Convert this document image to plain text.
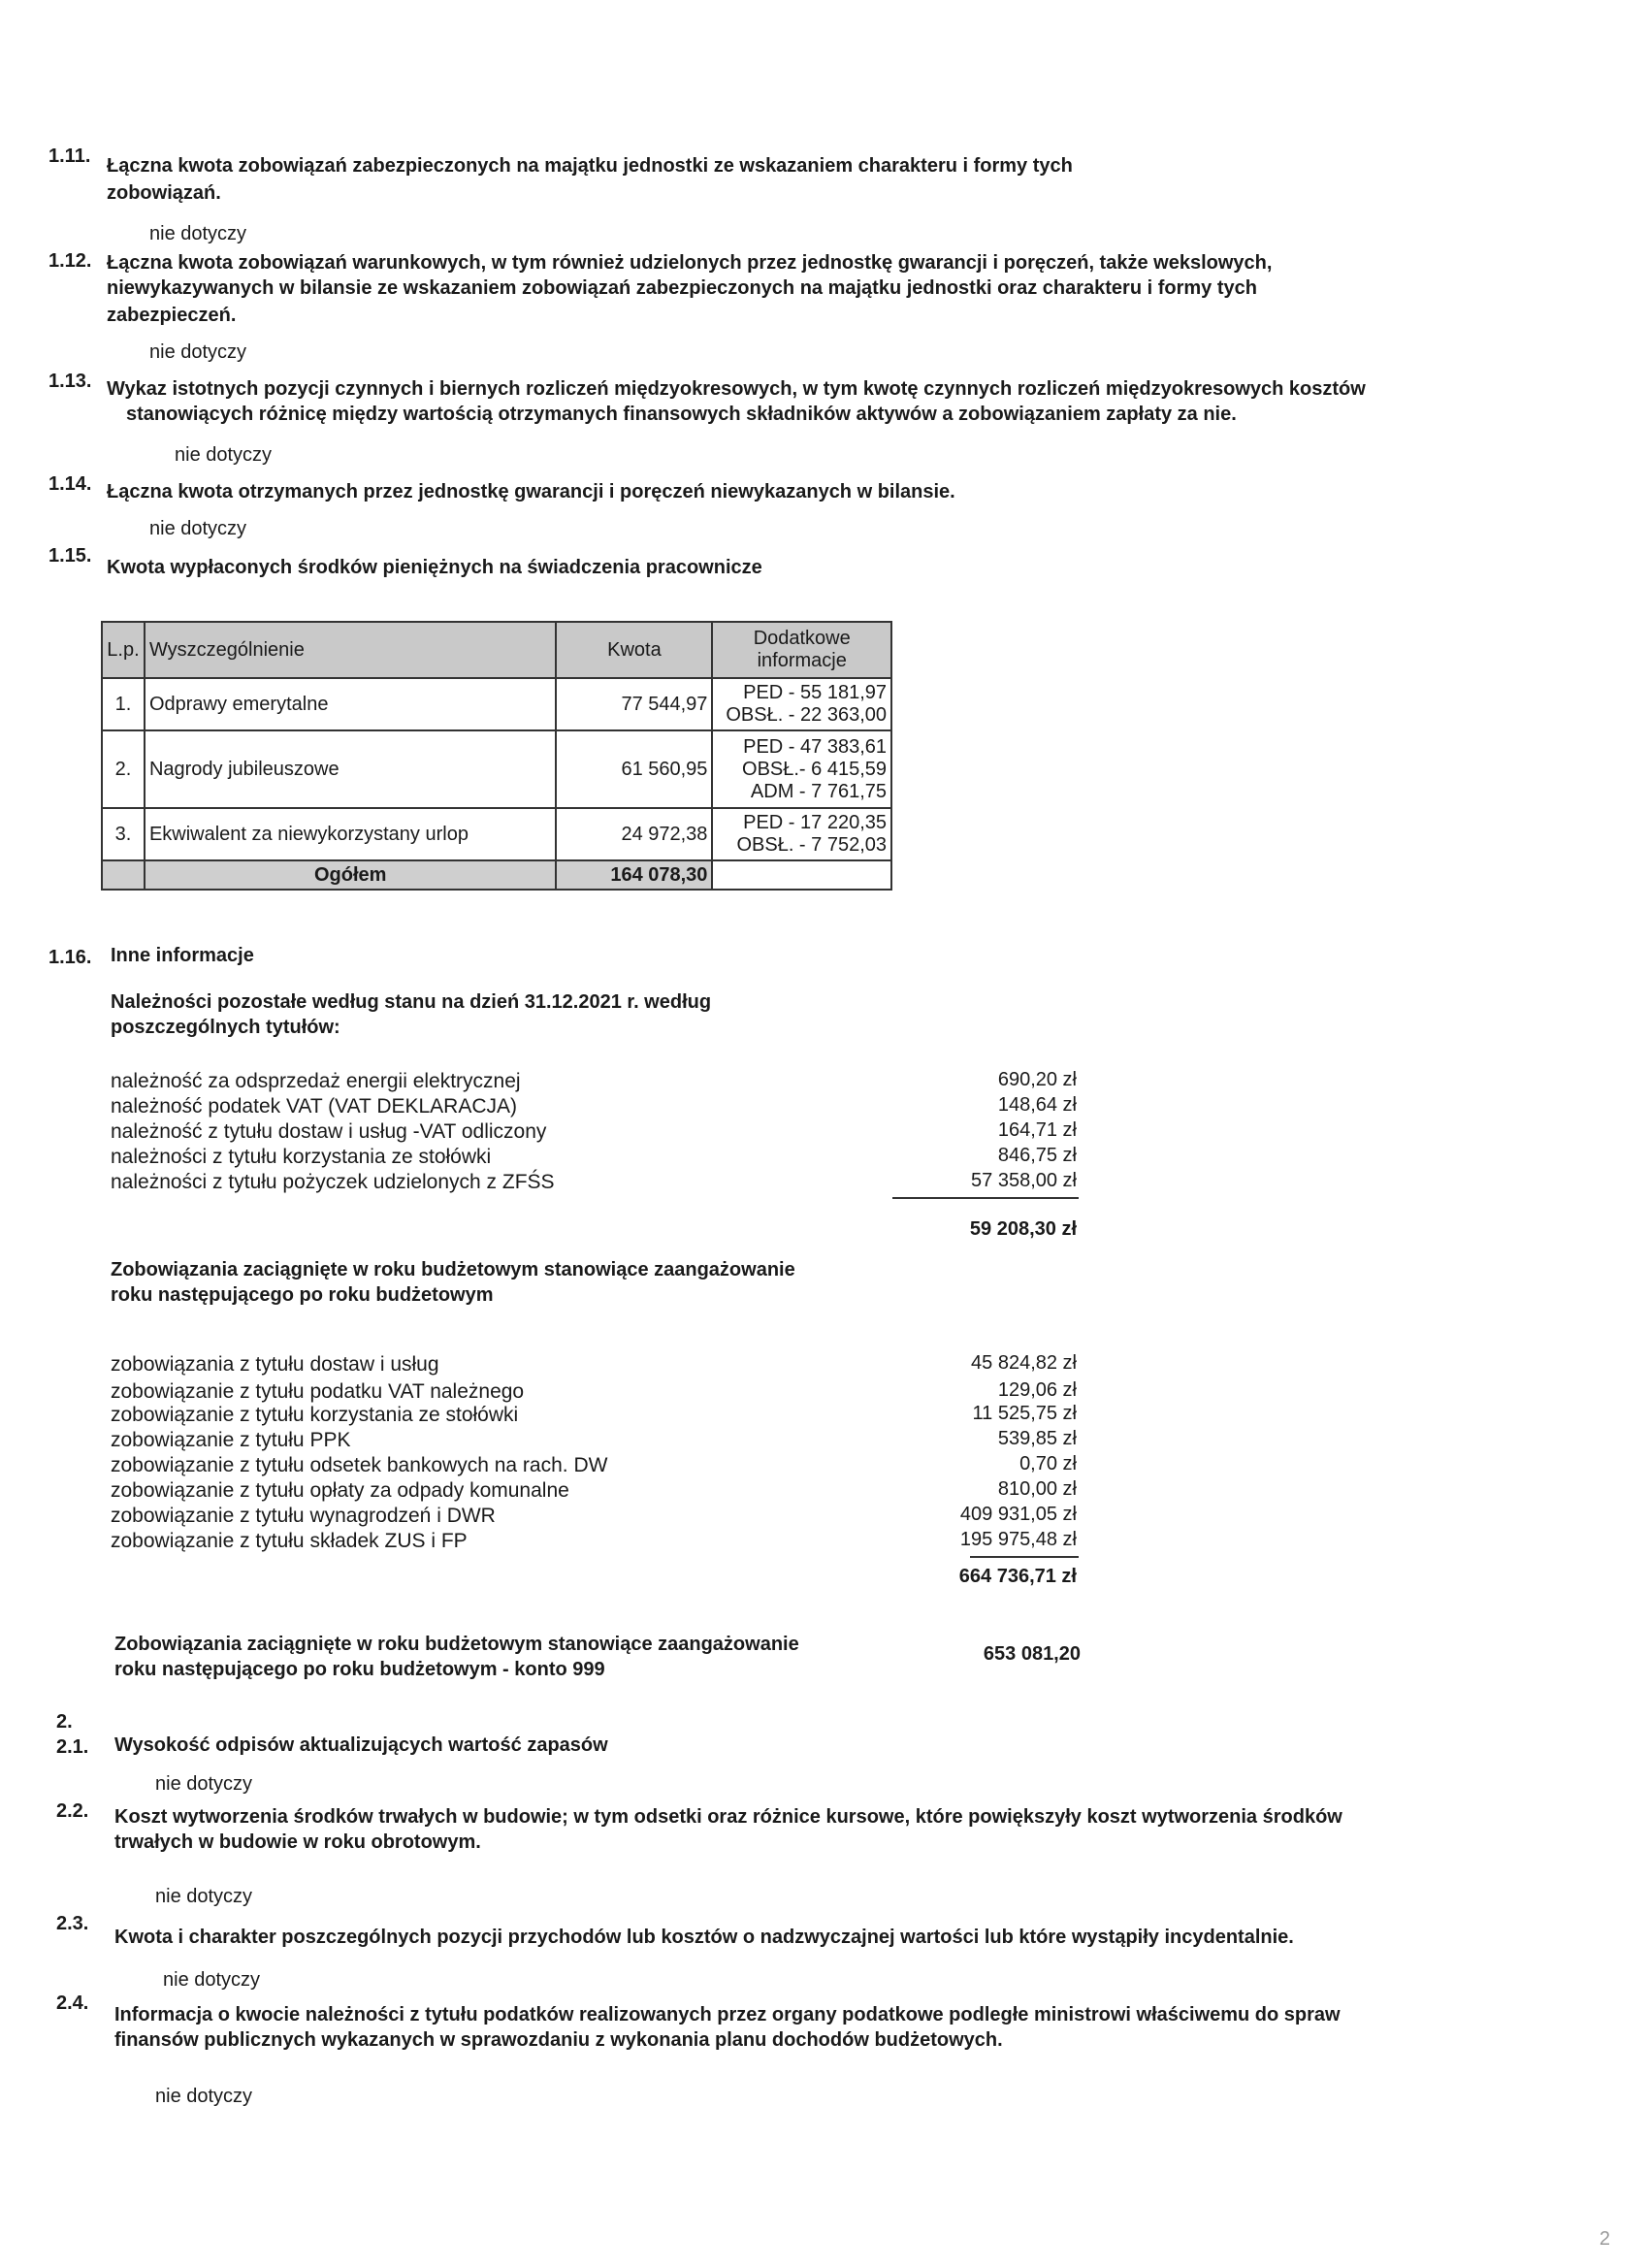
1.11. Łączna kwota zobowiązań zabezpieczonych na majątku jednostki ze wskazaniem charakteru i formy tych
zobowiązań.
nie dotyczy
1.12. Łączna kwota zobowiązań warunkowych, w tym również udzielonych przez jednostkę gwarancji i poręczeń, także wekslowych,
niewykazywanych w bilansie ze wskazaniem zobowiązań zabezpieczonych na majątku jednostki oraz charakteru i formy tych
zabezpieczeń.
nie dotyczy
1.13. Wykaz istotnych pozycji czynnych i biernych rozliczeń międzyokresowych, w tym kwotę czynnych rozliczeń międzyokresowych kosztów
stanowiących różnicę między wartością otrzymanych finansowych składników aktywów a zobowiązaniem zapłaty za nie.
nie dotyczy
1.14. Łączna kwota otrzymanych przez jednostkę gwarancji i poręczeń niewykazanych w bilansie.
nie dotyczy
1.15.
Kwota wypłaconych środków pieniężnych na świadczenia pracownicze
L.p.	Wyszczególnienie	Kwota	Dodatkowe informacje
1.	Odprawy emerytalne	77 544,97	PED - 55 181,97
OBSŁ. - 22 363,00

2.	Nagrody jubileuszowe	61 560,95	PED - 47 383,61
OBSŁ.- 6 415,59
ADM - 7 761,75

3.	Ekwiwalent za niewykorzystany urlop	24 972,38	PED - 17 220,35
OBSŁ. - 7 752,03

	Ogółem	164 078,30	
1.16. Inne informacje
Należności pozostałe według stanu na dzień 31.12.2021 r. według
poszczególnych tytułów:
należność za odsprzedaż energii elektrycznej	690,20 zł
należność podatek VAT (VAT DEKLARACJA)	148,64 zł
należność z tytułu dostaw i usług -VAT odliczony	164,71 zł
należności z tytułu korzystania ze stołówki	846,75 zł
należności z tytułu pożyczek udzielonych z ZFŚS	57 358,00 zł
59 208,30 zł
Zobowiązania zaciągnięte w roku budżetowym stanowiące zaangażowanie
roku następującego po roku budżetowym
zobowiązania z tytułu dostaw i usług	45 824,82 zł
zobowiązanie z tytułu podatku VAT należnego	129,06 zł
zobowiązanie z tytułu korzystania ze stołówki	11 525,75 zł
zobowiązanie z tytułu PPK	539,85 zł
zobowiązanie z tytułu odsetek bankowych na rach. DW	0,70 zł
zobowiązanie z tytułu opłaty za odpady komunalne	810,00 zł
zobowiązanie z tytułu wynagrodzeń i DWR	409 931,05 zł
zobowiązanie z tytułu składek ZUS i FP	195 975,48 zł
664 736,71 zł
Zobowiązania zaciągnięte w roku budżetowym stanowiące zaangażowanie
roku następującego po roku budżetowym - konto 999
653 081,20
2.
2.1. Wysokość odpisów aktualizujących wartość zapasów
nie dotyczy
2.2. Koszt wytworzenia środków trwałych w budowie; w tym odsetki oraz różnice kursowe, które powiększyły koszt wytworzenia środków
trwałych w budowie w roku obrotowym.
nie dotyczy
2.3.
Kwota i charakter poszczególnych pozycji przychodów lub kosztów o nadzwyczajnej wartości lub które wystąpiły incydentalnie.
nie dotyczy
2.4.
Informacja o kwocie należności z tytułu podatków realizowanych przez organy podatkowe podległe ministrowi właściwemu do spraw
finansów publicznych wykazanych w sprawozdaniu z wykonania planu dochodów budżetowych.
nie dotyczy
2
